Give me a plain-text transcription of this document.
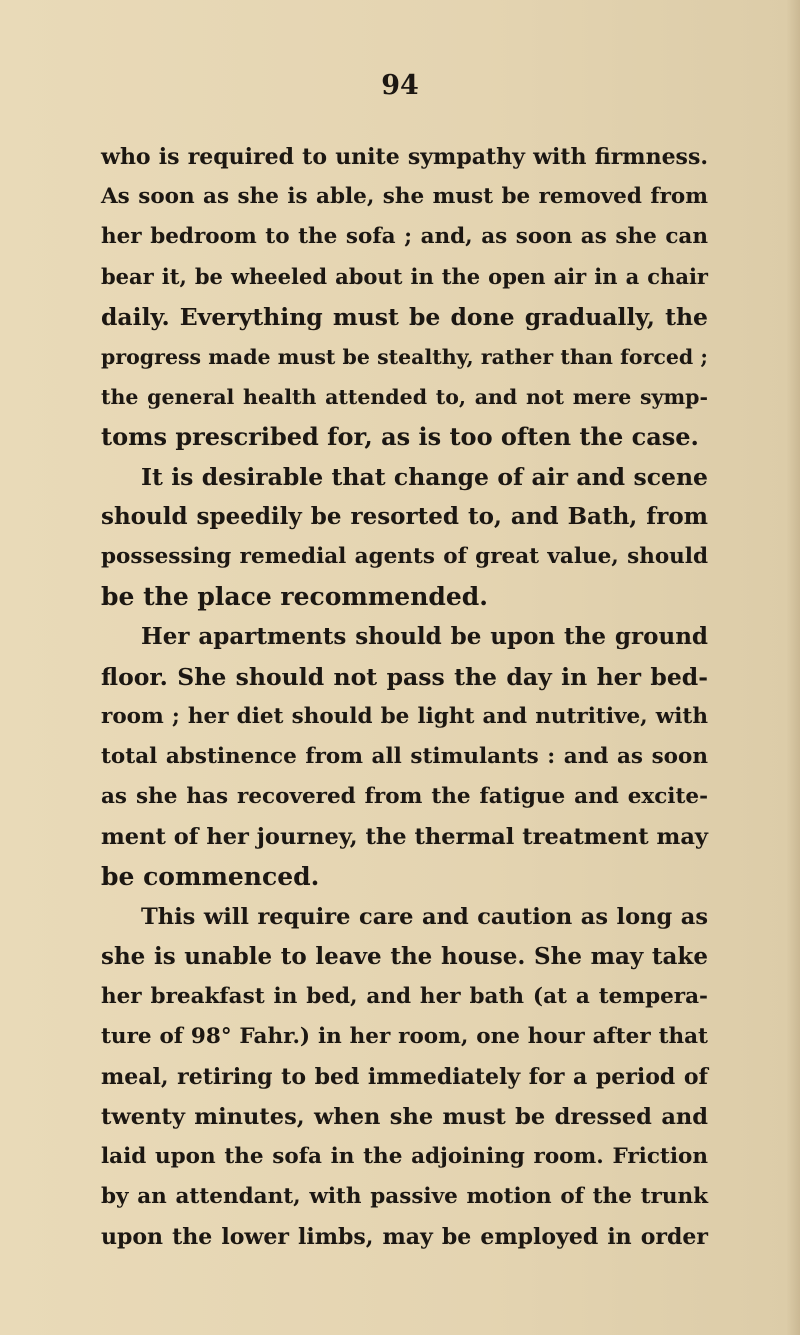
94
who is required to unite sympathy with firmness.
As soon as she is able, she must be removed from
her bedroom to the sofa ; and, as soon as she can
bear it, be wheeled about in the open air in a chair
daily. Everything must be done gradually, the
progress made must be stealthy, rather than forced ;
the general health attended to, and not mere symp-
toms prescribed for, as is too often the case.
It is desirable that change of air and scene
should speedily be resorted to, and Bath, from
possessing remedial agents of great value, should
be the place recommended.
Her apartments should be upon the ground
floor. She should not pass the day in her bed-
room ; her diet should be light and nutritive, with
total abstinence from all stimulants : and as soon
as she has recovered from the fatigue and excite-
ment of her journey, the thermal treatment may
be commenced.
This will require care and caution as long as
she is unable to leave the house. She may take
her breakfast in bed, and her bath (at a tempera-
ture of 98° Fahr.) in her room, one hour after that
meal, retiring to bed immediately for a period of
twenty minutes, when she must be dressed and
laid upon the sofa in the adjoining room. Friction
by an attendant, with passive motion of the trunk
upon the lower limbs, may be employed in order
